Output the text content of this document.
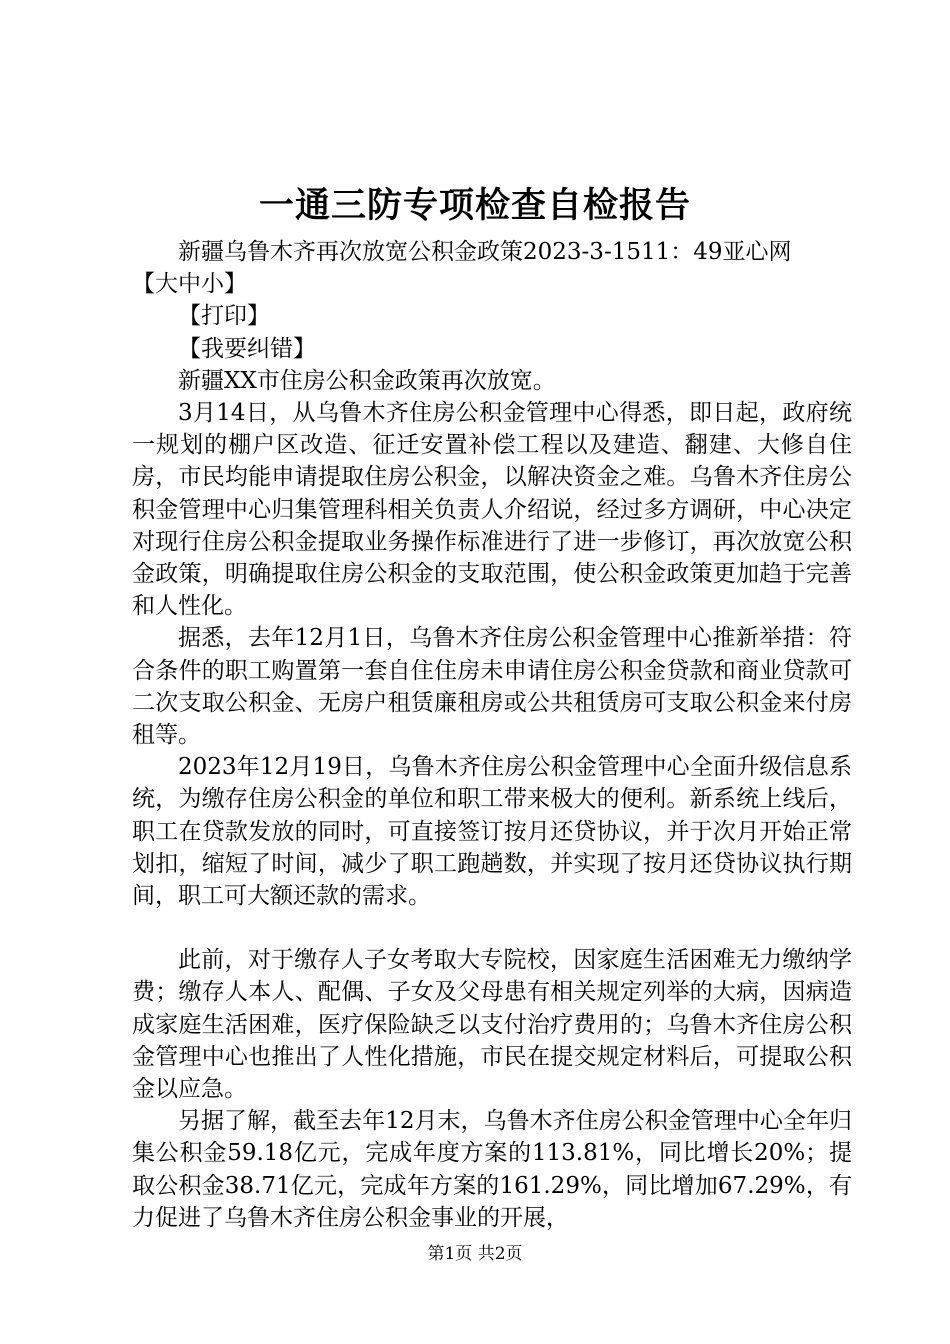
一通三防专项检查自检报告

新疆乌鲁木齐再次放宽公积金政策2023-3-1511：49亚心网

【大中小】

【打印】

【我要纠错】

新疆XX市住房公积金政策再次放宽。

3月14日，从乌鲁木齐住房公积金管理中心得悉，即日起，政府统一规划的棚户区改造、征迁安置补偿工程以及建造、翻建、大修自住房，市民均能申请提取住房公积金，以解决资金之难。乌鲁木齐住房公积金管理中心归集管理科相关负责人介绍说，经过多方调研，中心决定对现行住房公积金提取业务操作标准进行了进一步修订，再次放宽公积金政策，明确提取住房公积金的支取范围，使公积金政策更加趋于完善和人性化。

据悉，去年12月1日，乌鲁木齐住房公积金管理中心推新举措：符合条件的职工购置第一套自住住房未申请住房公积金贷款和商业贷款可二次支取公积金、无房户租赁廉租房或公共租赁房可支取公积金来付房租等。

2023年12月19日，乌鲁木齐住房公积金管理中心全面升级信息系统，为缴存住房公积金的单位和职工带来极大的便利。新系统上线后，职工在贷款发放的同时，可直接签订按月还贷协议，并于次月开始正常划扣，缩短了时间，减少了职工跑趟数，并实现了按月还贷协议执行期间，职工可大额还款的需求。

此前，对于缴存人子女考取大专院校，因家庭生活困难无力缴纳学费；缴存人本人、配偶、子女及父母患有相关规定列举的大病，因病造成家庭生活困难，医疗保险缺乏以支付治疗费用的；乌鲁木齐住房公积金管理中心也推出了人性化措施，市民在提交规定材料后，可提取公积金以应急。

另据了解，截至去年12月末，乌鲁木齐住房公积金管理中心全年归集公积金59.18亿元，完成年度方案的113.81%，同比增长20%；提取公积金38.71亿元，完成年方案的161.29%，同比增加67.29%，有力促进了乌鲁木齐住房公积金事业的开展，

第1页 共2页
